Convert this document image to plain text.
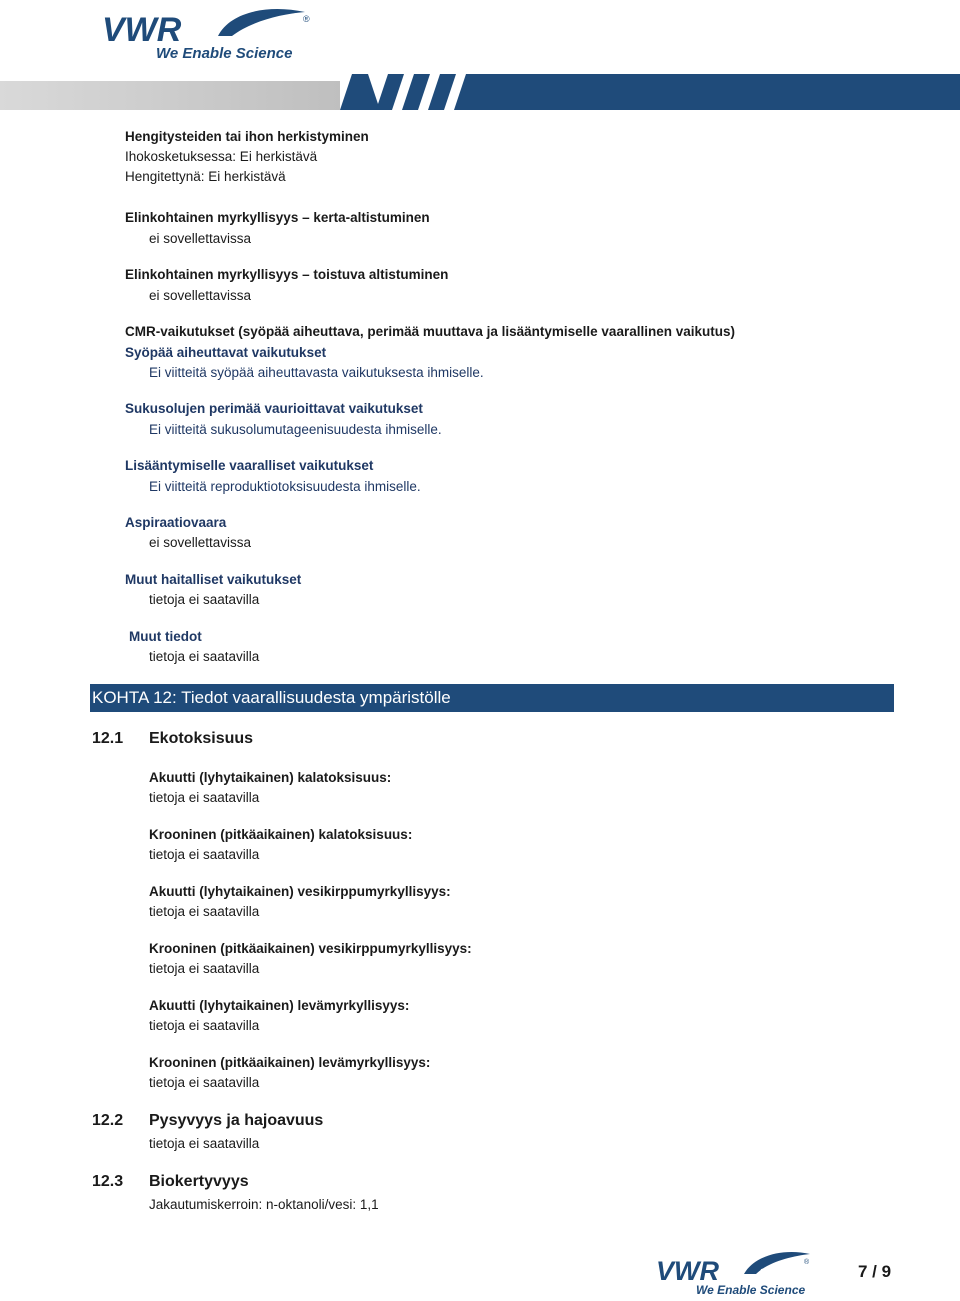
VWR
We Enable Science
®
Hengitysteiden tai ihon herkistyminen
Ihokosketuksessa: Ei herkistävä
Hengitettynä: Ei herkistävä
Elinkohtainen myrkyllisyys – kerta-altistuminen
ei sovellettavissa
Elinkohtainen myrkyllisyys – toistuva altistuminen
ei sovellettavissa
CMR-vaikutukset (syöpää aiheuttava, perimää muuttava ja lisääntymiselle vaarallinen vaikutus)
Syöpää aiheuttavat vaikutukset
Ei viitteitä syöpää aiheuttavasta vaikutuksesta ihmiselle.
Sukusolujen perimää vaurioittavat vaikutukset
Ei viitteitä sukusolumutageenisuudesta ihmiselle.
Lisääntymiselle vaaralliset vaikutukset
Ei viitteitä reproduktiotoksisuudesta ihmiselle.
Aspiraatiovaara
ei sovellettavissa
Muut haitalliset vaikutukset
tietoja ei saatavilla
Muut tiedot
tietoja ei saatavilla
KOHTA 12: Tiedot vaarallisuudesta ympäristölle
12.1 Ekotoksisuus
Akuutti (lyhytaikainen) kalatoksisuus:
tietoja ei saatavilla
Krooninen (pitkäaikainen) kalatoksisuus:
tietoja ei saatavilla
Akuutti (lyhytaikainen) vesikirppumyrkyllisyys:
tietoja ei saatavilla
Krooninen (pitkäaikainen) vesikirppumyrkyllisyys:
tietoja ei saatavilla
Akuutti (lyhytaikainen) levämyrkyllisyys:
tietoja ei saatavilla
Krooninen (pitkäaikainen) levämyrkyllisyys:
tietoja ei saatavilla
12.2 Pysyvyys ja hajoavuus
tietoja ei saatavilla
12.3 Biokertyvyys
Jakautumiskerroin: n-oktanoli/vesi: 1,1
VWR
We Enable Science
®	7 / 9
